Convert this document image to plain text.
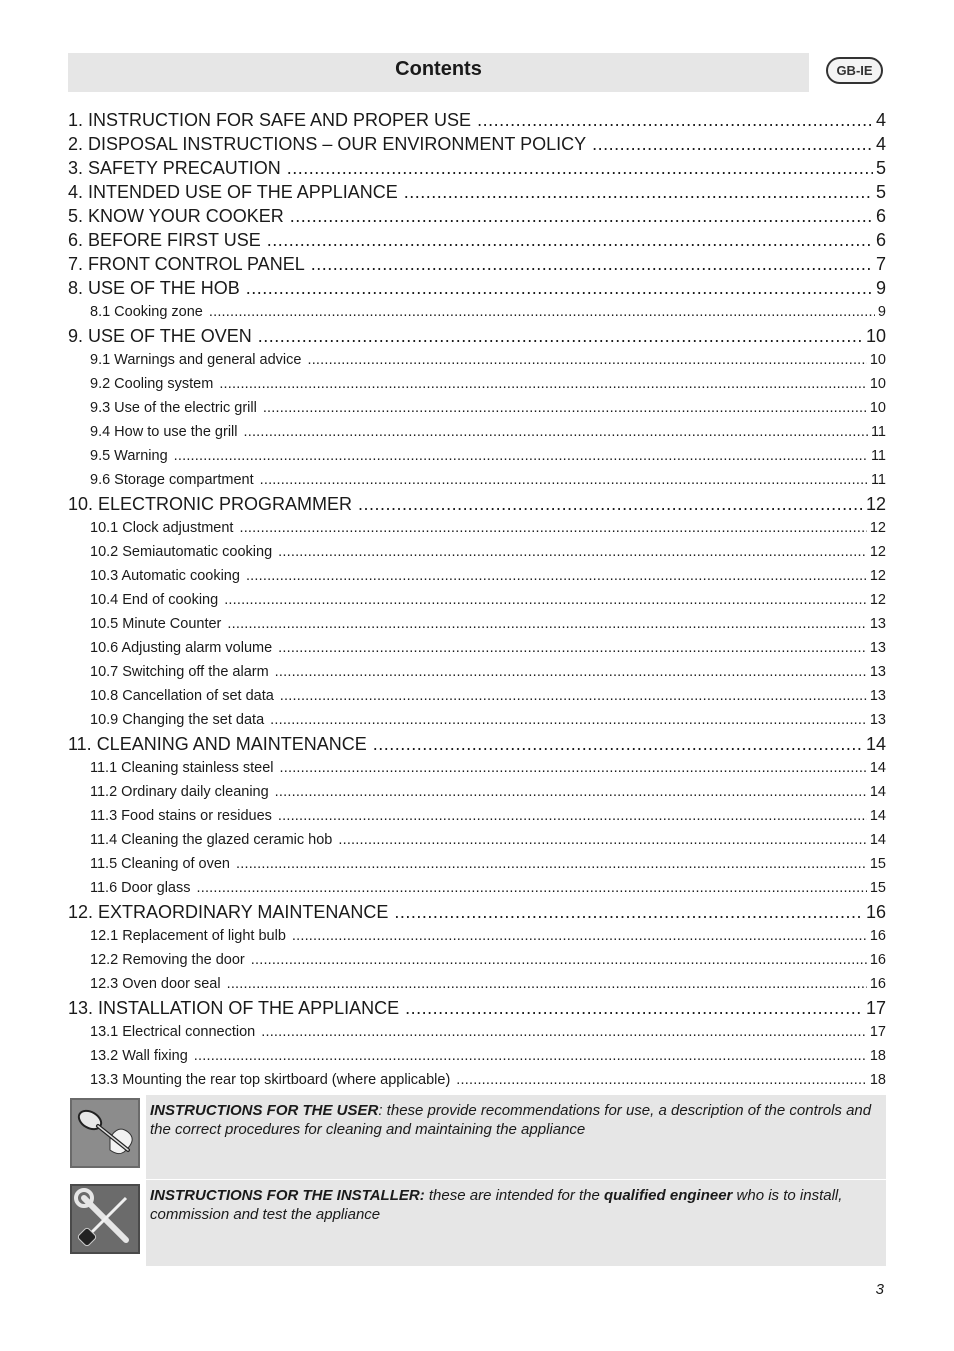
Contents	GB-IE
1. INSTRUCTION FOR SAFE AND PROPER USE .....	4
2. DISPOSAL INSTRUCTIONS – OUR ENVIRONMENT POLICY .....	4
3. SAFETY PRECAUTION .....	5
4. INTENDED USE OF THE APPLIANCE .....	5
5. KNOW YOUR COOKER .....	6
6. BEFORE FIRST USE .....	6
7. FRONT CONTROL PANEL .....	7
8. USE OF THE HOB .....	9
8.1 Cooking zone .....	9
9. USE OF THE OVEN .....	10
9.1 Warnings and general advice .....	10
9.2 Cooling system .....	10
9.3 Use of the electric grill .....	10
9.4 How to use the grill .....	11
9.5 Warning .....	11
9.6 Storage compartment .....	11
10. ELECTRONIC PROGRAMMER .....	12
10.1 Clock adjustment .....	12
10.2 Semiautomatic cooking .....	12
10.3 Automatic cooking .....	12
10.4 End of cooking .....	12
10.5 Minute Counter .....	13
10.6 Adjusting alarm volume .....	13
10.7 Switching off the alarm .....	13
10.8 Cancellation of set data .....	13
10.9 Changing the set data .....	13
11. CLEANING AND MAINTENANCE .....	14
11.1 Cleaning stainless steel .....	14
11.2 Ordinary daily cleaning .....	14
11.3 Food stains or residues .....	14
11.4 Cleaning the glazed ceramic hob .....	14
11.5 Cleaning of oven .....	15
11.6 Door glass .....	15
12. EXTRAORDINARY MAINTENANCE .....	16
12.1 Replacement of light bulb .....	16
12.2 Removing the door .....	16
12.3 Oven door seal .....	16
13. INSTALLATION OF THE APPLIANCE .....	17
13.1 Electrical connection .....	17
13.2 Wall fixing .....	18
13.3 Mounting the rear top skirtboard (where applicable) .....	18
INSTRUCTIONS FOR THE USER: these provide recommendations for use, a description of the controls and the correct procedures for cleaning and maintaining the appliance
INSTRUCTIONS FOR THE INSTALLER: these are intended for the qualified engineer who is to install, commission and test the appliance
3
